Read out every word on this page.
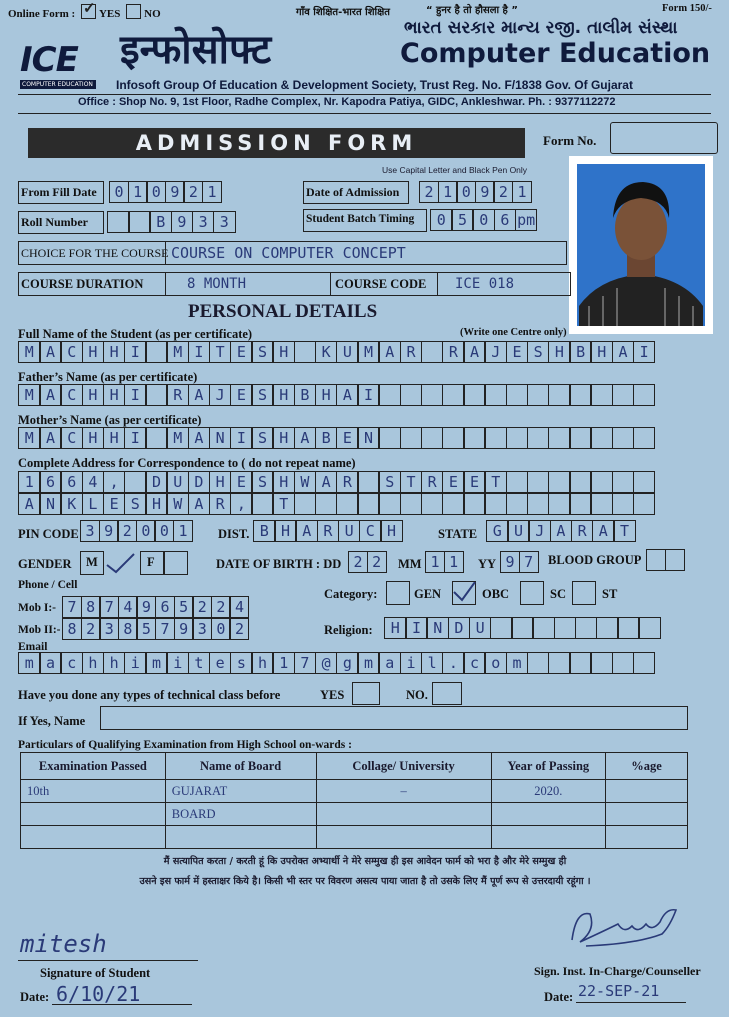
Online Form : ✓ YES NO	गाँव शिक्षित-भारत शिक्षित	“ हुनर है तो हौसला है ”	Form 150/-
ICE
COMPUTER EDUCATION
इन्फोसोफ्ट	ભારત સરકાર માન્ય રજી. તાલીમ સંસ્થા
Computer Education
Infosoft Group Of Education & Development Society, Trust Reg. No. F/1838 Gov. Of Gujarat
Office : Shop No. 9, 1st Floor, Radhe Complex, Nr. Kapodra Patiya, GIDC, Ankleshwar. Ph. : 9377112272
ADMISSION FORM	Form No.
Use Capital Letter and Black Pen Only
From Fill Date	0 1 0 9 2 1	Date of Admission	2 1 0 9 2 1
Roll Number	B 9 3 3	Student Batch Timing	0 5 0 6 pm
CHOICE FOR THE COURSE COURSE ON COMPUTER CONCEPT
COURSE DURATION	8 MONTH	COURSE CODE ICE 018
PERSONAL DETAILS
Full Name of the Student (as per certificate)	(Write one Centre only)
M A C H H I	M I T E S H	K U M A R	R A J E S H B H A I
Father’s Name (as per certificate)
M A C H H I	R A J E S H B H A I
Mother’s Name (as per certificate)
M A C H H I	M A N I S H A B E N
Complete Address for Correspondence to ( do not repeat name)
1 6 6 4 ,	D U D H E S H W A R	S T R E E T
A N K L E S H W A R ,	T
PIN CODE 3 9 2 0 0 1	DIST. B H A R U C H	STATE	G U J A R A T
GENDER	M	F	DATE OF BIRTH : DD 2 2	MM 1 1	YY 9 7	BLOOD GROUP
Phone / Cell
Mob I:- 7 8 7 4 9 6 5 2 2 4
Mob II:- 8 2 3 8 5 7 9 3 0 2
Category:	GEN	OBC	SC	ST
Religion:	H I N D U
Email
m a c h h i m i t e s h 1 7 @ g m a i l . c o m
Have you done any types of technical class before	YES	NO.
If Yes, Name
Particulars of Qualifying Examination from High School on-wards :
Examination Passed	Name of Board	Collage/ University	Year of Passing	%age
10th	GUJARAT	–	2020.	
	BOARD			

मैं सत्यापित करता / करती हूं कि उपरोक्त अभ्यार्थी ने मेरे सम्मुख ही इस आवेदन फार्म को भरा है और मेरे सम्मुख ही
उसने इस फार्म में हस्ताक्षर किये है। किसी भी स्तर पर विवरण असत्य पाया जाता है तो उसके लिए मैं पूर्ण रूप से उत्तरदायी रहूंगा ।
mitesh
Signature of Student
Date: 6/10/21
Sign. Inst. In-Charge/Counseller
Date: 22-SEP-21
